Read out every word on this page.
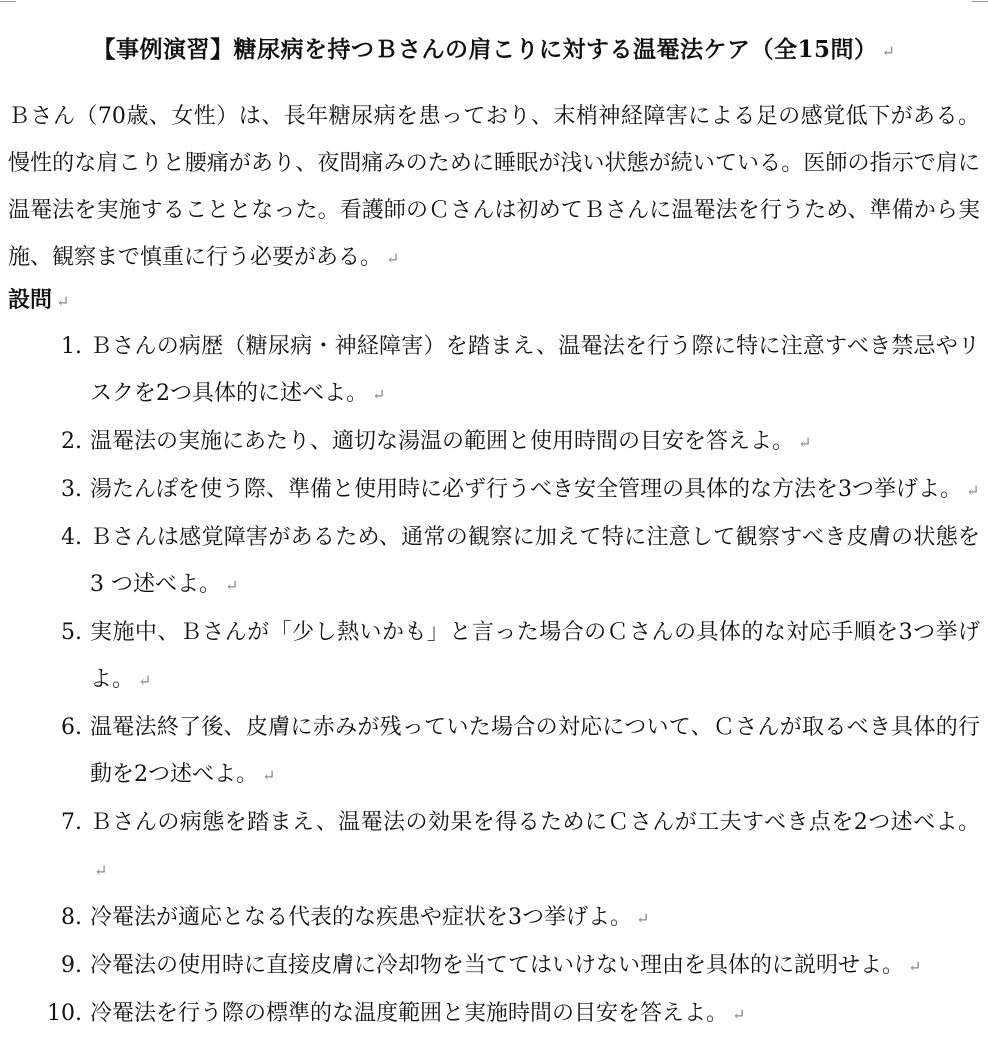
【事例演習】糖尿病を持つＢさんの肩こりに対する温罨法ケア（全15問） ↵
Ｂさん（70歳、女性）は、長年糖尿病を患っており、末梢神経障害による足の感覚低下がある。慢性的な肩こりと腰痛があり、夜間痛みのために睡眠が浅い状態が続いている。医師の指示で肩に温罨法を実施することとなった。看護師のＣさんは初めてＢさんに温罨法を行うため、準備から実施、観察まで慎重に行う必要がある。 ↵
設問 ↵
1. Ｂさんの病歴（糖尿病・神経障害）を踏まえ、温罨法を行う際に特に注意すべき禁忌やリスクを2つ具体的に述べよ。 ↵
2. 温罨法の実施にあたり、適切な湯温の範囲と使用時間の目安を答えよ。 ↵
3. 湯たんぽを使う際、準備と使用時に必ず行うべき安全管理の具体的な方法を3つ挙げよ。 ↵
4. Ｂさんは感覚障害があるため、通常の観察に加えて特に注意して観察すべき皮膚の状態を 3 つ述べよ。 ↵
5. 実施中、Ｂさんが「少し熱いかも」と言った場合のＣさんの具体的な対応手順を3つ挙げよ。 ↵
6. 温罨法終了後、皮膚に赤みが残っていた場合の対応について、Ｃさんが取るべき具体的行動を2つ述べよ。 ↵
7. Ｂさんの病態を踏まえ、温罨法の効果を得るためにＣさんが工夫すべき点を2つ述べよ。↵
8. 冷罨法が適応となる代表的な疾患や症状を3つ挙げよ。 ↵
9. 冷罨法の使用時に直接皮膚に冷却物を当ててはいけない理由を具体的に説明せよ。 ↵
10. 冷罨法を行う際の標準的な温度範囲と実施時間の目安を答えよ。 ↵
